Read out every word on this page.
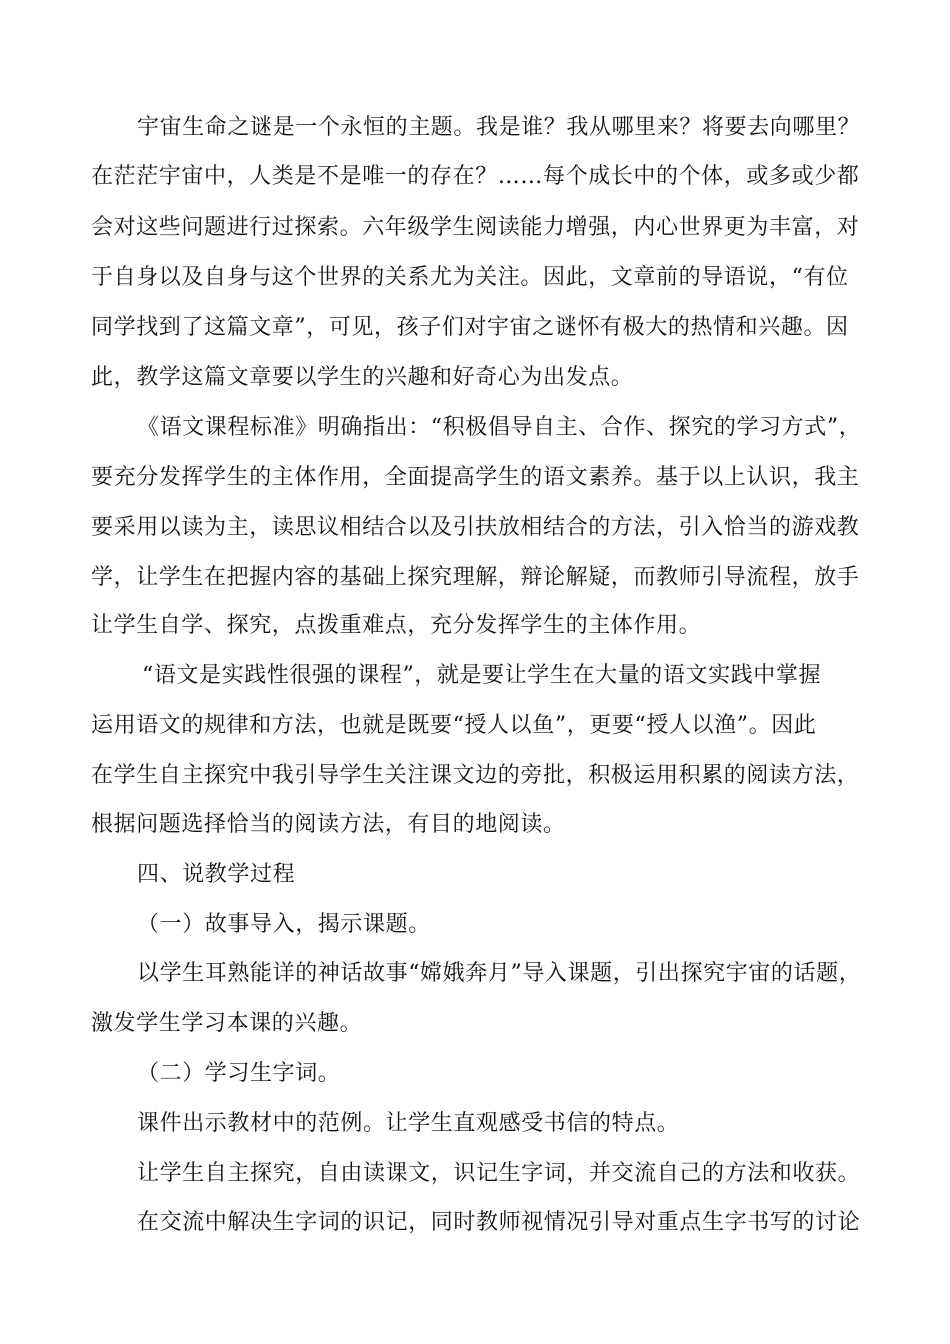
宇宙生命之谜是一个永恒的主题。我是谁？我从哪里来？将要去向哪里？
在茫茫宇宙中，人类是不是唯一的存在？……每个成长中的个体，或多或少都
会对这些问题进行过探索。六年级学生阅读能力增强，内心世界更为丰富，对
于自身以及自身与这个世界的关系尤为关注。因此，文章前的导语说，“有位
同学找到了这篇文章”，可见，孩子们对宇宙之谜怀有极大的热情和兴趣。因
此，教学这篇文章要以学生的兴趣和好奇心为出发点。
《语文课程标准》明确指出：“积极倡导自主、合作、探究的学习方式”，
要充分发挥学生的主体作用，全面提高学生的语文素养。基于以上认识，我主
要采用以读为主，读思议相结合以及引扶放相结合的方法，引入恰当的游戏教
学，让学生在把握内容的基础上探究理解，辩论解疑，而教师引导流程，放手
让学生自学、探究，点拨重难点，充分发挥学生的主体作用。
“语文是实践性很强的课程”，就是要让学生在大量的语文实践中掌握
运用语文的规律和方法，也就是既要“授人以鱼”，更要“授人以渔”。因此
在学生自主探究中我引导学生关注课文边的旁批，积极运用积累的阅读方法，
根据问题选择恰当的阅读方法，有目的地阅读。
四、说教学过程
（一）故事导入，揭示课题。
以学生耳熟能详的神话故事“嫦娥奔月”导入课题，引出探究宇宙的话题，
激发学生学习本课的兴趣。
（二）学习生字词。
课件出示教材中的范例。让学生直观感受书信的特点。
让学生自主探究，自由读课文，识记生字词，并交流自己的方法和收获。
在交流中解决生字词的识记，同时教师视情况引导对重点生字书写的讨论
